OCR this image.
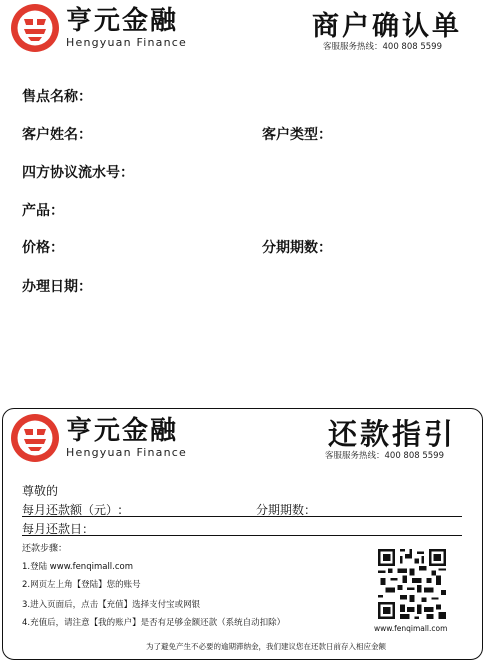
亨元金融
Hengyuan Finance
商户确认单
客服服务热线：400 808 5599
售点名称：
客户姓名：	客户类型：
四方协议流水号：
产品：
价格：	分期期数：
办理日期：
亨元金融
Hengyuan Finance
还款指引
客服服务热线：400 808 5599
尊敬的
每月还款额（元）:	分期期数：
每月还款日：
还款步骤：
1.登陆 www.fenqimall.com
2.网页左上角【登陆】您的账号
3.进入页面后，点击【充值】选择支付宝或网银
4.充值后，请注意【我的账户】是否有足够金额还款（系统自动扣除）
www.fenqimall.com
为了避免产生不必要的逾期滞纳金，我们建议您在还款日前存入相应金额
